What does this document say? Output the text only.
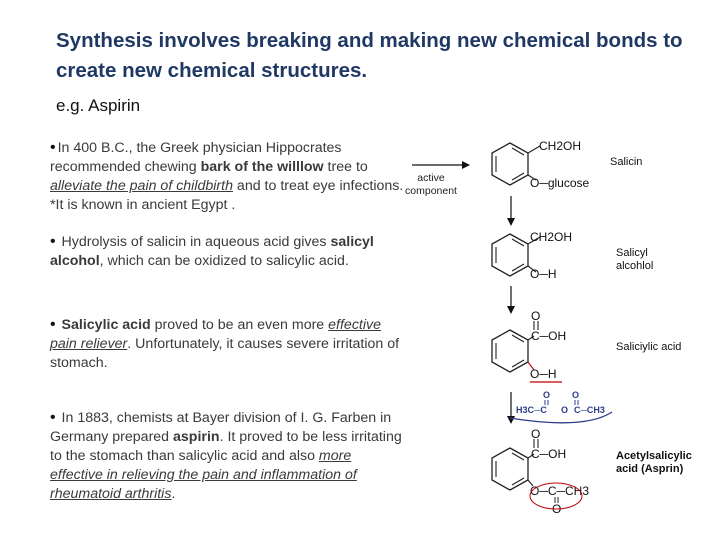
Synthesis involves breaking and making new chemical bonds to create new chemical structures.
e.g. Aspirin
• In 400 B.C., the Greek physician Hippocrates recommended chewing bark of the willlow tree to alleviate the pain of childbirth and to treat eye infections. *It is known in ancient Egypt .
• Hydrolysis of salicin in aqueous acid gives salicyl alcohol, which can be oxidized to salicylic acid.
• Salicylic acid proved to be an even more effective pain reliever. Unfortunately, it causes severe irritation of stomach.
• In 1883, chemists at Bayer division of I. G. Farben in Germany prepared aspirin. It proved to be less irritating to the stomach than salicylic acid and also more effective in relieving the pain and inflammation of rheumatoid arthritis.
active component
Salicin
Salicyl alcohlol
Saliciylic acid
Acetylsalicylic acid (Asprin)
CH2OH
O─glucose
CH2OH
O─H
O
C─OH
O─H
H3C─C O C─CH3
O O
O
C─OH
O─C─CH3
O
